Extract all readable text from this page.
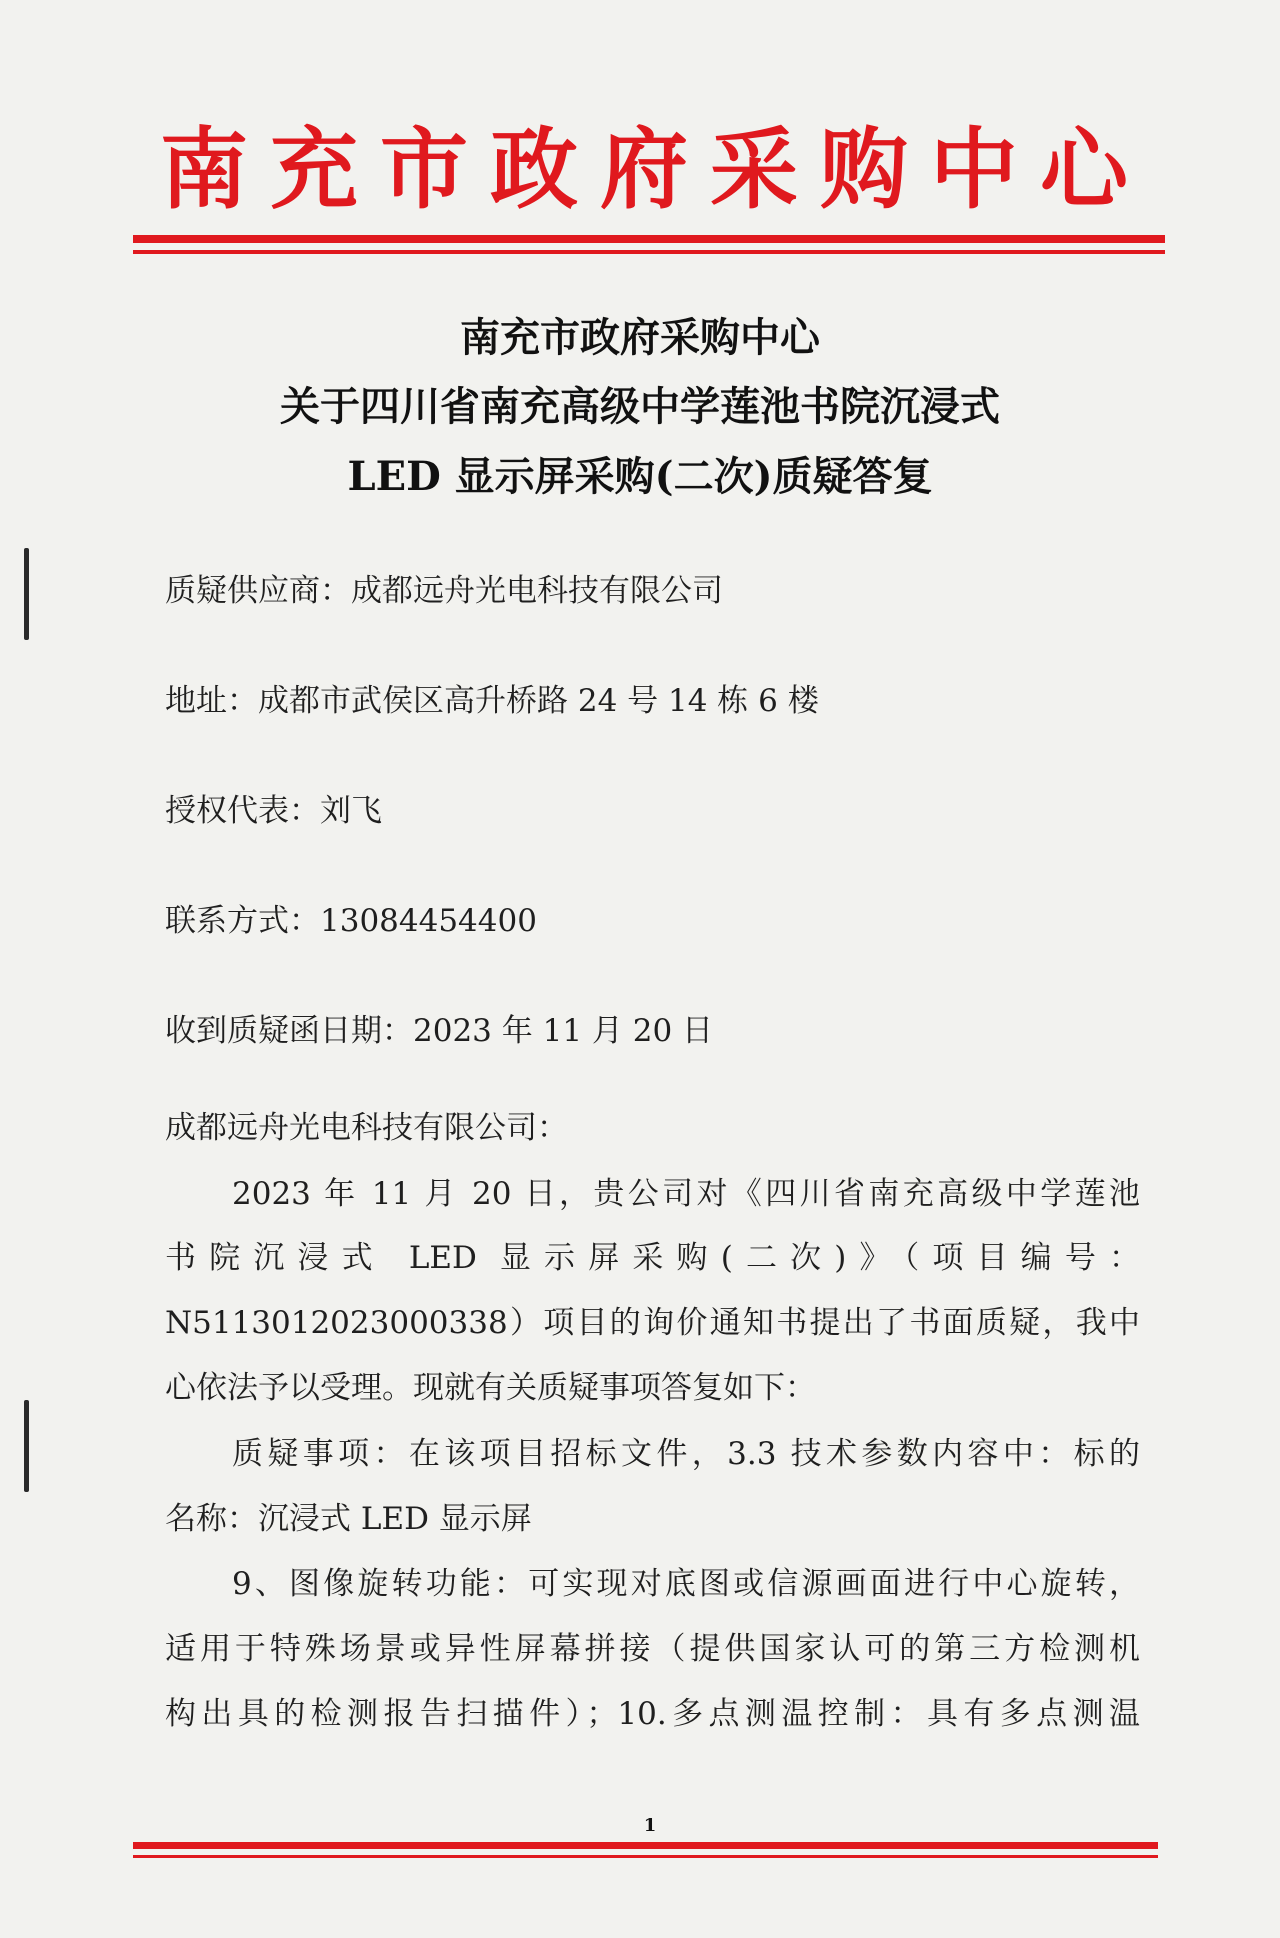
南充市政府采购中心
南充市政府采购中心
关于四川省南充高级中学莲池书院沉浸式
LED 显示屏采购(二次)质疑答复
质疑供应商：成都远舟光电科技有限公司
地址：成都市武侯区高升桥路 24 号 14 栋 6 楼
授权代表：刘飞
联系方式：13084454400
收到质疑函日期：2023 年 11 月 20 日
成都远舟光电科技有限公司：
2023 年 11 月 20 日，贵公司对《四川省南充高级中学莲池
书院沉浸式 LED 显示屏采购(二次)》（项目编号：
N5113012023000338）项目的询价通知书提出了书面质疑，我中
心依法予以受理。现就有关质疑事项答复如下：
质疑事项：在该项目招标文件，3.3 技术参数内容中：标的
名称：沉浸式 LED 显示屏
9、图像旋转功能：可实现对底图或信源画面进行中心旋转，
适用于特殊场景或异性屏幕拼接（提供国家认可的第三方检测机
构出具的检测报告扫描件）；10.多点测温控制：具有多点测温
1
